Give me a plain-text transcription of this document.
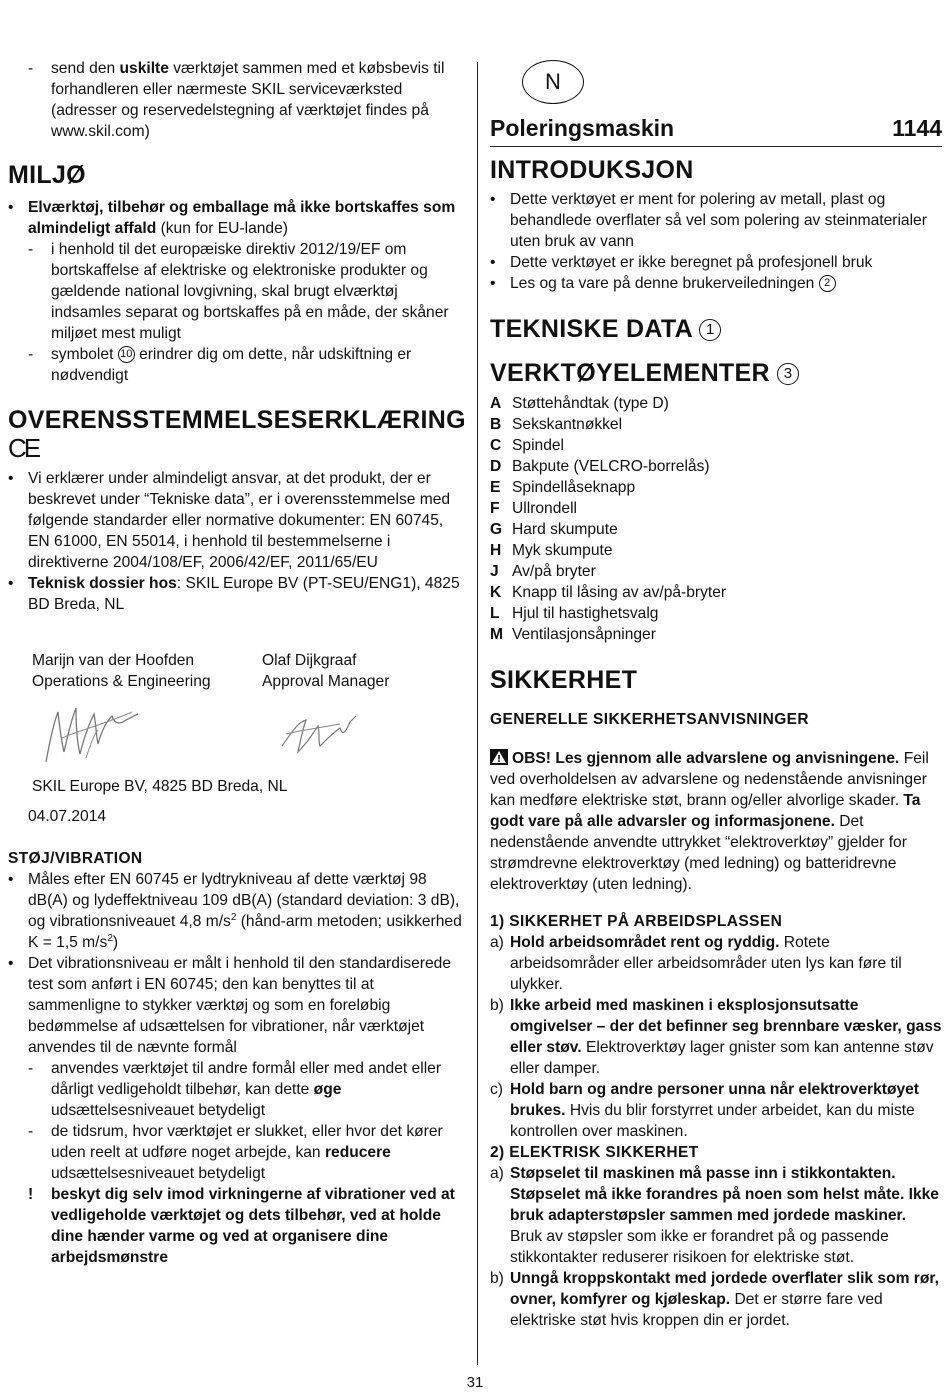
- send den uskilte værktøjet sammen med et købsbevis til forhandleren eller nærmeste SKIL serviceværksted (adresser og reservedelstegning af værktøjet findes på www.skil.com)

MILJØ

• Elværktøj, tilbehør og emballage må ikke bortskaffes som almindeligt affald (kun for EU-lande)

- i henhold til det europæiske direktiv 2012/19/EF om bortskaffelse af elektriske og elektroniske produkter og gældende national lovgivning, skal brugt elværktøj indsamles separat og bortskaffes på en måde, der skåner miljøet mest muligt

- symbolet 10 erindrer dig om dette, når udskiftning er nødvendigt

OVERENSSTEMMELSESERKLÆRING
CE

• Vi erklærer under almindeligt ansvar, at det produkt, der er beskrevet under “Tekniske data”, er i overensstemmelse med følgende standarder eller normative dokumenter: EN 60745, EN 61000, EN 55014, i henhold til bestemmelserne i direktiverne 2004/108/EF, 2006/42/EF, 2011/65/EU

• Teknisk dossier hos: SKIL Europe BV (PT-SEU/ENG1), 4825 BD Breda, NL

Marijn van der Hoofden

Operations & Engineering

Olaf Dijkgraaf

Approval Manager

SKIL Europe BV, 4825 BD Breda, NL
04.07.2014
STØJ/VIBRATION

• Måles efter EN 60745 er lydtrykniveau af dette værktøj 98 dB(A) og lydeffektniveau 109 dB(A) (standard deviation: 3 dB), og vibrationsniveauet 4,8 $m/s^2$ (hånd-arm metoden; usikkerhed K = 1,5 $m/s^2$)

• Det vibrationsniveau er målt i henhold til den standardiserede test som anført i EN 60745; den kan benyttes til at sammenligne to stykker værktøj og som en foreløbig bedømmelse af udsættelsen for vibrationer, når værktøjet anvendes til de nævnte formål

- anvendes værktøjet til andre formål eller med andet eller dårligt vedligeholdt tilbehør, kan dette øge udsættelsesniveauet betydeligt

- de tidsrum, hvor værktøjet er slukket, eller hvor det kører uden reelt at udføre noget arbejde, kan reducere udsættelsesniveauet betydeligt

! beskyt dig selv imod virkningerne af vibrationer ved at vedligeholde værktøjet og dets tilbehør, ved at holde dine hænder varme og ved at organisere dine arbejdsmønstre

N
Poleringsmaskin	1144
INTRODUKSJON

• Dette verktøyet er ment for polering av metall, plast og behandlede overflater så vel som polering av steinmaterialer uten bruk av vann

• Dette verktøyet er ikke beregnet på profesjonell bruk

• Les og ta vare på denne brukerveiledningen 2

TEKNISKE DATA 1
VERKTØYELEMENTER 3
A Støttehåndtak (type D)
B Sekskantnøkkel
C Spindel
D Bakpute (VELCRO-borrelås)
E Spindellåseknapp
F Ullrondell
G Hard skumpute
H Myk skumpute
J Av/på bryter
K Knapp til låsing av av/på-bryter
L Hjul til hastighetsvalg
M Ventilasjonsåpninger
SIKKERHET
GENERELLE SIKKERHETSANVISNINGER

OBS! Les gjennom alle advarslene og anvisningene. Feil ved overholdelsen av advarslene og nedenstående anvisninger kan medføre elektriske støt, brann og/eller alvorlige skader. Ta godt vare på alle advarsler og informasjonene. Det nedenstående anvendte uttrykket “elektroverktøy” gjelder for strømdrevne elektroverktøy (med ledning) og batteridrevne elektroverktøy (uten ledning).

1) SIKKERHET PÅ ARBEIDSPLASSEN

a) Hold arbeidsområdet rent og ryddig. Rotete arbeidsområder eller arbeidsområder uten lys kan føre til ulykker.

b) Ikke arbeid med maskinen i eksplosjonsutsatte omgivelser – der det befinner seg brennbare væsker, gass eller støv. Elektroverktøy lager gnister som kan antenne støv eller damper.

c) Hold barn og andre personer unna når elektroverktøyet brukes. Hvis du blir forstyrret under arbeidet, kan du miste kontrollen over maskinen.

2) ELEKTRISK SIKKERHET

a) Støpselet til maskinen må passe inn i stikkontakten. Støpselet må ikke forandres på noen som helst måte. Ikke bruk adapterstøpsler sammen med jordede maskiner. Bruk av støpsler som ikke er forandret på og passende stikkontakter reduserer risikoen for elektriske støt.

b) Unngå kroppskontakt med jordede overflater slik som rør, ovner, komfyrer og kjøleskap. Det er større fare ved elektriske støt hvis kroppen din er jordet.

31
